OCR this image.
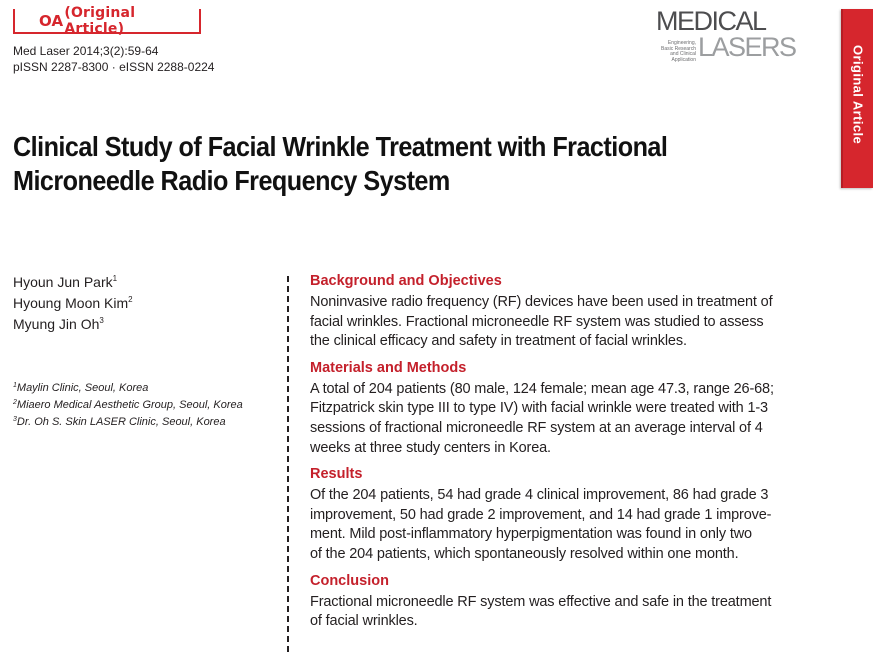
OA (Original Article)
Med Laser 2014;3(2):59-64
pISSN 2287-8300 · eISSN 2288-0224
MEDICAL
Engineering,
Basic Research
and Clinical Application LASERS	Original Article
Clinical Study of Facial Wrinkle Treatment with Fractional
Microneedle Radio Frequency System
Hyoun Jun Park$^1$
Hyoung Moon Kim$^2$
Myung Jin Oh$^3$
$^1$Maylin Clinic, Seoul, Korea
$^2$Miaero Medical Aesthetic Group, Seoul, Korea
$^3$Dr. Oh S. Skin LASER Clinic, Seoul, Korea
Background and Objectives
Noninvasive radio frequency (RF) devices have been used in treatment of
facial wrinkles. Fractional microneedle RF system was studied to assess
the clinical efficacy and safety in treatment of facial wrinkles.
Materials and Methods
A total of 204 patients (80 male, 124 female; mean age 47.3, range 26-68;
Fitzpatrick skin type III to type IV) with facial wrinkle were treated with 1-3
sessions of fractional microneedle RF system at an average interval of 4
weeks at three study centers in Korea.
Results
Of the 204 patients, 54 had grade 4 clinical improvement, 86 had grade 3
improvement, 50 had grade 2 improvement, and 14 had grade 1 improve-
ment. Mild post-inflammatory hyperpigmentation was found in only two
of the 204 patients, which spontaneously resolved within one month.
Conclusion
Fractional microneedle RF system was effective and safe in the treatment
of facial wrinkles.
